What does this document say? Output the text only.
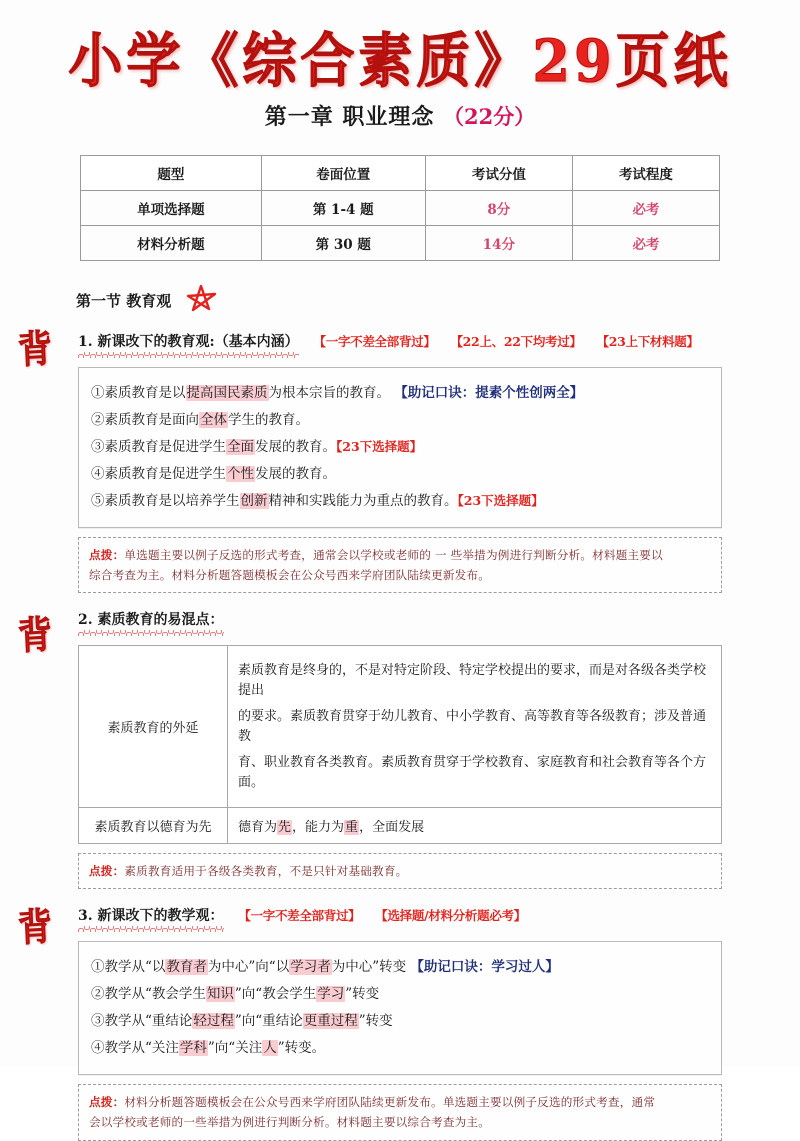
小学《综合素质》29页纸
第一章 职业理念 （22分）
题型	卷面位置	考试分值	考试程度
单项选择题	第 1-4 题	8分	必考
材料分析题	第 30 题	14分	必考
第一节 教育观
背 1. 新课改下的教育观:（基本内涵） 【一字不差全部背过】 【22上、22下均考过】 【23上下材料题】
①素质教育是以提高国民素质为根本宗旨的教育。 【助记口诀：提素个性创两全】
②素质教育是面向全体学生的教育。
③素质教育是促进学生全面发展的教育。【23下选择题】
④素质教育是促进学生个性发展的教育。
⑤素质教育是以培养学生创新精神和实践能力为重点的教育。【23下选择题】
点拨：单选题主要以例子反选的形式考查，通常会以学校或老师的 一 些举措为例进行判断分析。材料题主要以
综合考查为主。材料分析题答题模板会在公众号西来学府团队陆续更新发布。
背 2. 素质教育的易混点：
素质教育的外延	素质教育是终身的，不是对特定阶段、特定学校提出的要求，而是对各级各类学校提出

的要求。素质教育贯穿于幼儿教育、中小学教育、高等教育等各级教育；涉及普通教

育、职业教育各类教育。素质教育贯穿于学校教育、家庭教育和社会教育等各个方面。

素质教育以德育为先	德育为先，能力为重，全面发展
点拨：素质教育适用于各级各类教育，不是只针对基础教育。
背 3. 新课改下的教学观： 【一字不差全部背过】 【选择题/材料分析题必考】
①教学从“以教育者为中心”向“以学习者为中心”转变 【助记口诀：学习过人】
②教学从“教会学生知识”向“教会学生学习”转变
③教学从“重结论轻过程”向“重结论更重过程”转变
④教学从“关注学科”向“关注人”转变。
点拨：材料分析题答题模板会在公众号西来学府团队陆续更新发布。单选题主要以例子反选的形式考查，通常
会以学校或老师的一些举措为例进行判断分析。材料题主要以综合考查为主。
